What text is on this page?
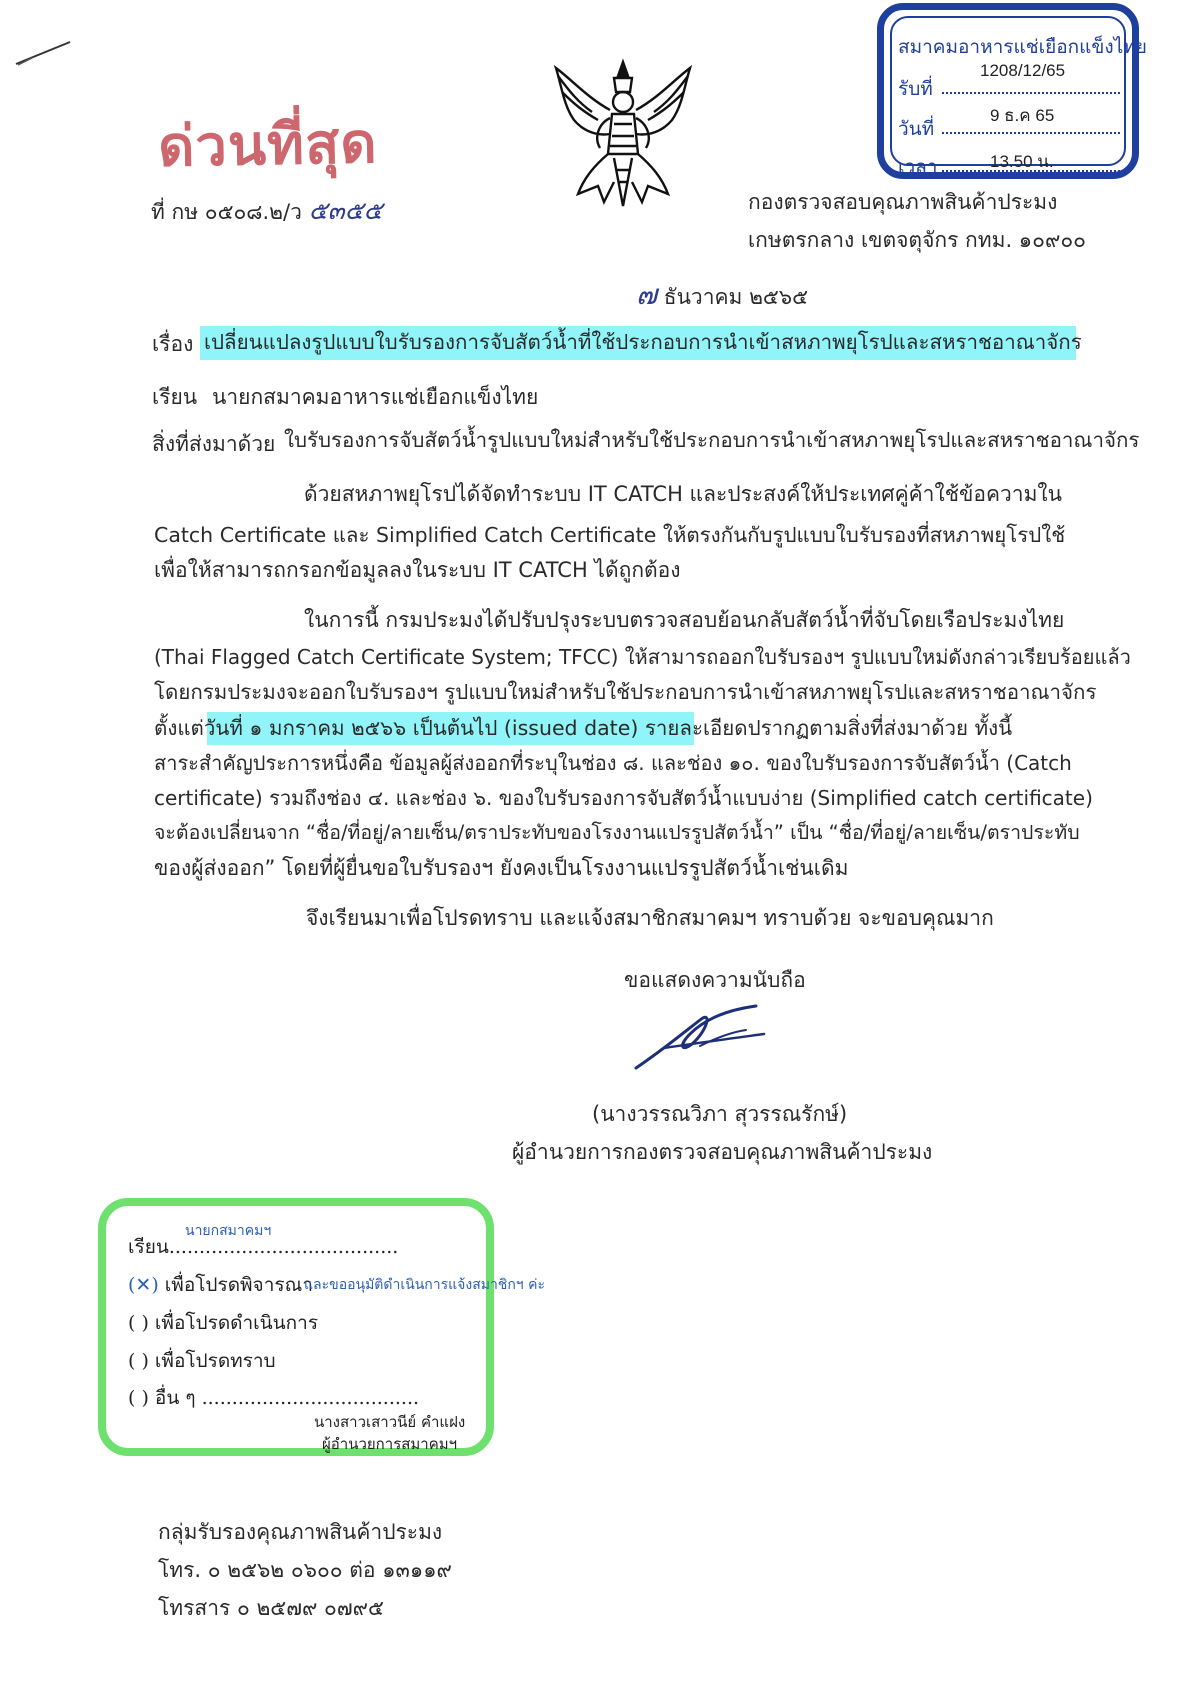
ด่วนที่สุด
ที่ กษ ๐๕๐๘.๒/ว ๕๓๕๕
สมาคมอาหารแช่เยือกแข็งไทย
รับที่
1208/12/65
วันที่
9 ธ.ค 65
เวลา	13.50 น.
กองตรวจสอบคุณภาพสินค้าประมง
เกษตรกลาง เขตจตุจักร กทม. ๑๐๙๐๐
๗ ธันวาคม ๒๕๖๕
เรื่อง เปลี่ยนแปลงรูปแบบใบรับรองการจับสัตว์น้ำที่ใช้ประกอบการนำเข้าสหภาพยุโรปและสหราชอาณาจักร
เรียน นายกสมาคมอาหารแช่เยือกแข็งไทย
สิ่งที่ส่งมาด้วย ใบรับรองการจับสัตว์น้ำรูปแบบใหม่สำหรับใช้ประกอบการนำเข้าสหภาพยุโรปและสหราชอาณาจักร
ด้วยสหภาพยุโรปได้จัดทำระบบ IT CATCH และประสงค์ให้ประเทศคู่ค้าใช้ข้อความใน
Catch Certificate และ Simplified Catch Certificate ให้ตรงกันกับรูปแบบใบรับรองที่สหภาพยุโรปใช้
เพื่อให้สามารถกรอกข้อมูลลงในระบบ IT CATCH ได้ถูกต้อง
ในการนี้ กรมประมงได้ปรับปรุงระบบตรวจสอบย้อนกลับสัตว์น้ำที่จับโดยเรือประมงไทย
(Thai Flagged Catch Certificate System; TFCC) ให้สามารถออกใบรับรองฯ รูปแบบใหม่ดังกล่าวเรียบร้อยแล้ว
โดยกรมประมงจะออกใบรับรองฯ รูปแบบใหม่สำหรับใช้ประกอบการนำเข้าสหภาพยุโรปและสหราชอาณาจักร
ตั้งแต่วันที่ ๑ มกราคม ๒๕๖๖ เป็นต้นไป (issued date) รายละเอียดปรากฏตามสิ่งที่ส่งมาด้วย ทั้งนี้
สาระสำคัญประการหนึ่งคือ ข้อมูลผู้ส่งออกที่ระบุในช่อง ๘. และช่อง ๑๐. ของใบรับรองการจับสัตว์น้ำ (Catch
certificate) รวมถึงช่อง ๔. และช่อง ๖. ของใบรับรองการจับสัตว์น้ำแบบง่าย (Simplified catch certificate)
จะต้องเปลี่ยนจาก “ชื่อ/ที่อยู่/ลายเซ็น/ตราประทับของโรงงานแปรรูปสัตว์น้ำ” เป็น “ชื่อ/ที่อยู่/ลายเซ็น/ตราประทับ
ของผู้ส่งออก” โดยที่ผู้ยื่นขอใบรับรองฯ ยังคงเป็นโรงงานแปรรูปสัตว์น้ำเช่นเดิม
จึงเรียนมาเพื่อโปรดทราบ และแจ้งสมาชิกสมาคมฯ ทราบด้วย จะขอบคุณมาก
ขอแสดงความนับถือ
(นางวรรณวิภา สุวรรณรักษ์)
ผู้อำนวยการกองตรวจสอบคุณภาพสินค้าประมง
เรียน......................................
นายกสมาคมฯ
(✕) เพื่อโปรดพิจารณา
และขออนุมัติดำเนินการแจ้งสมาชิกฯ ค่ะ
( ) เพื่อโปรดดำเนินการ
( ) เพื่อโปรดทราบ
( ) อื่น ๆ ....................................
นางสาวเสาวนีย์ คำแฝง
ผู้อำนวยการสมาคมฯ
กลุ่มรับรองคุณภาพสินค้าประมง
โทร. ๐ ๒๕๖๒ ๐๖๐๐ ต่อ ๑๓๑๑๙
โทรสาร ๐ ๒๕๗๙ ๐๗๙๕
